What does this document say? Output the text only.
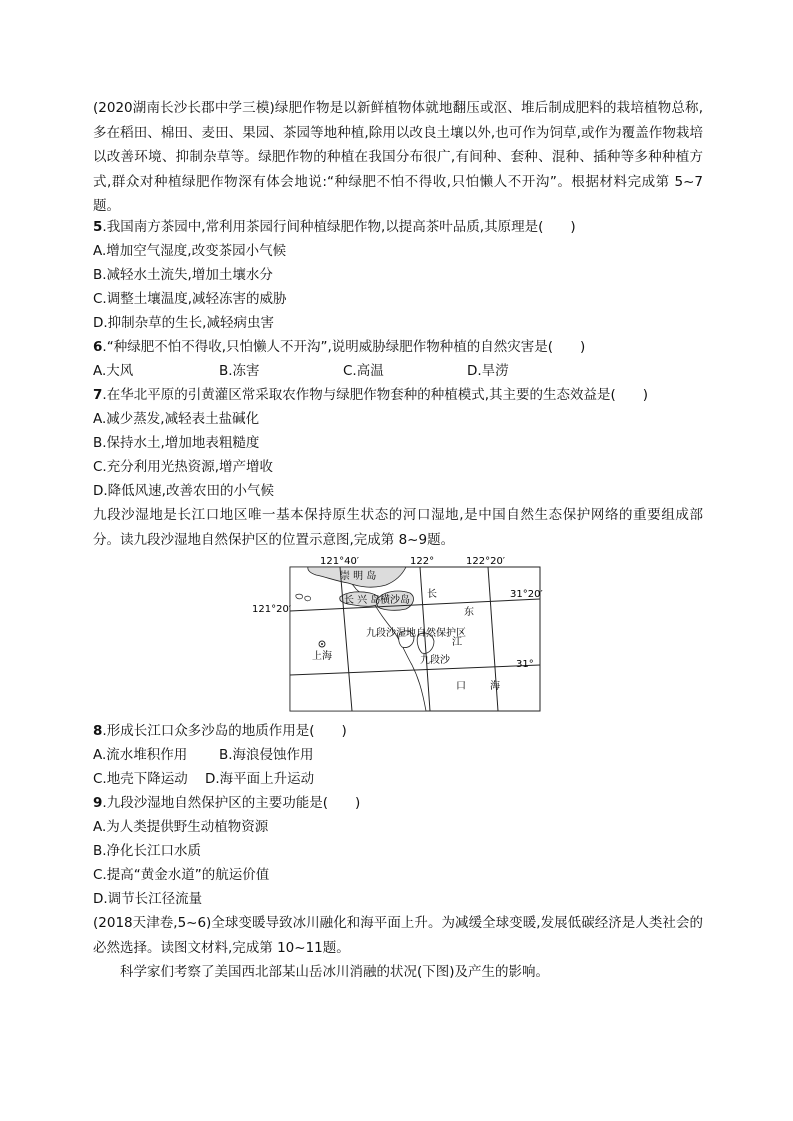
(2020湖南长沙长郡中学三模)绿肥作物是以新鲜植物体就地翻压或沤、堆后制成肥料的栽培植物总称,多在稻田、棉田、麦田、果园、茶园等地种植,除用以改良土壤以外,也可作为饲草,或作为覆盖作物栽培以改善环境、抑制杂草等。绿肥作物的种植在我国分布很广,有间种、套种、混种、插种等多种种植方式,群众对种植绿肥作物深有体会地说:“种绿肥不怕不得收,只怕懒人不开沟”。根据材料完成第 5~7题。
5.我国南方茶园中,常利用茶园行间种植绿肥作物,以提高茶叶品质,其原理是(　　)
A.增加空气湿度,改变茶园小气候
B.减轻水土流失,增加土壤水分
C.调整土壤温度,减轻冻害的威胁
D.抑制杂草的生长,减轻病虫害
6.“种绿肥不怕不得收,只怕懒人不开沟”,说明威胁绿肥作物种植的自然灾害是(　　)
A.大风	B.冻害	C.高温	D.旱涝
7.在华北平原的引黄灌区常采取农作物与绿肥作物套种的种植模式,其主要的生态效益是(　　)
A.减少蒸发,减轻表土盐碱化
B.保持水土,增加地表粗糙度
C.充分利用光热资源,增产增收
D.降低风速,改善农田的小气候
九段沙湿地是长江口地区唯一基本保持原生状态的河口湿地,是中国自然生态保护网络的重要组成部分。读九段沙湿地自然保护区的位置示意图,完成第 8~9题。
121°40′	122°	122°20′
121°20′
31°20′
31°
崇 明 岛
长 兴 岛 横沙岛
九段沙湿地自然保护区
九段沙
上海
长
东
江
口 海
8.形成长江口众多沙岛的地质作用是(　　)
A.流水堆积作用 B.海浪侵蚀作用
C.地壳下降运动 D.海平面上升运动
9.九段沙湿地自然保护区的主要功能是(　　)
A.为人类提供野生动植物资源
B.净化长江口水质
C.提高“黄金水道”的航运价值
D.调节长江径流量
(2018天津卷,5~6)全球变暖导致冰川融化和海平面上升。为减缓全球变暖,发展低碳经济是人类社会的必然选择。读图文材料,完成第 10~11题。
科学家们考察了美国西北部某山岳冰川消融的状况(下图)及产生的影响。
